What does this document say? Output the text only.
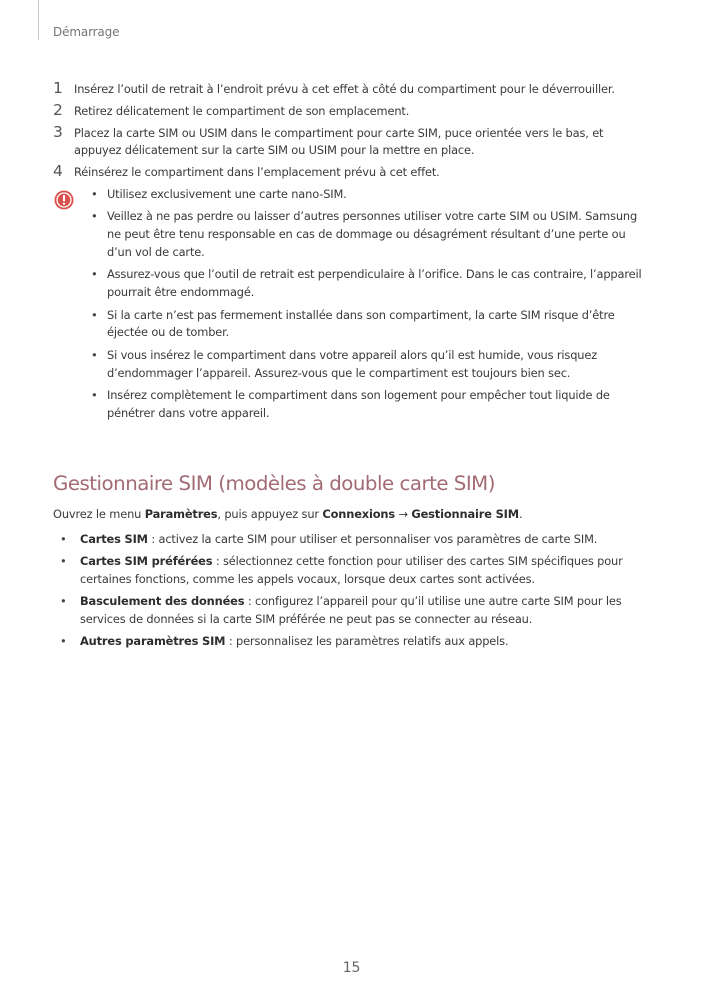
Démarrage
1 Insérez l’outil de retrait à l’endroit prévu à cet effet à côté du compartiment pour le déverrouiller.
2 Retirez délicatement le compartiment de son emplacement.
3 Placez la carte SIM ou USIM dans le compartiment pour carte SIM, puce orientée vers le bas, et appuyez délicatement sur la carte SIM ou USIM pour la mettre en place.
4 Réinsérez le compartiment dans l’emplacement prévu à cet effet.
• Utilisez exclusivement une carte nano-SIM.
• Veillez à ne pas perdre ou laisser d’autres personnes utiliser votre carte SIM ou USIM. Samsung ne peut être tenu responsable en cas de dommage ou désagrément résultant d’une perte ou d’un vol de carte.
• Assurez-vous que l’outil de retrait est perpendiculaire à l’orifice. Dans le cas contraire, l’appareil pourrait être endommagé.
• Si la carte n’est pas fermement installée dans son compartiment, la carte SIM risque d’être éjectée ou de tomber.
• Si vous insérez le compartiment dans votre appareil alors qu’il est humide, vous risquez d’endommager l’appareil. Assurez-vous que le compartiment est toujours bien sec.
• Insérez complètement le compartiment dans son logement pour empêcher tout liquide de pénétrer dans votre appareil.
Gestionnaire SIM (modèles à double carte SIM)
Ouvrez le menu Paramètres, puis appuyez sur Connexions → Gestionnaire SIM.
• Cartes SIM : activez la carte SIM pour utiliser et personnaliser vos paramètres de carte SIM.
• Cartes SIM préférées : sélectionnez cette fonction pour utiliser des cartes SIM spécifiques pour certaines fonctions, comme les appels vocaux, lorsque deux cartes sont activées.
• Basculement des données : configurez l’appareil pour qu’il utilise une autre carte SIM pour les services de données si la carte SIM préférée ne peut pas se connecter au réseau.
• Autres paramètres SIM : personnalisez les paramètres relatifs aux appels.
15
